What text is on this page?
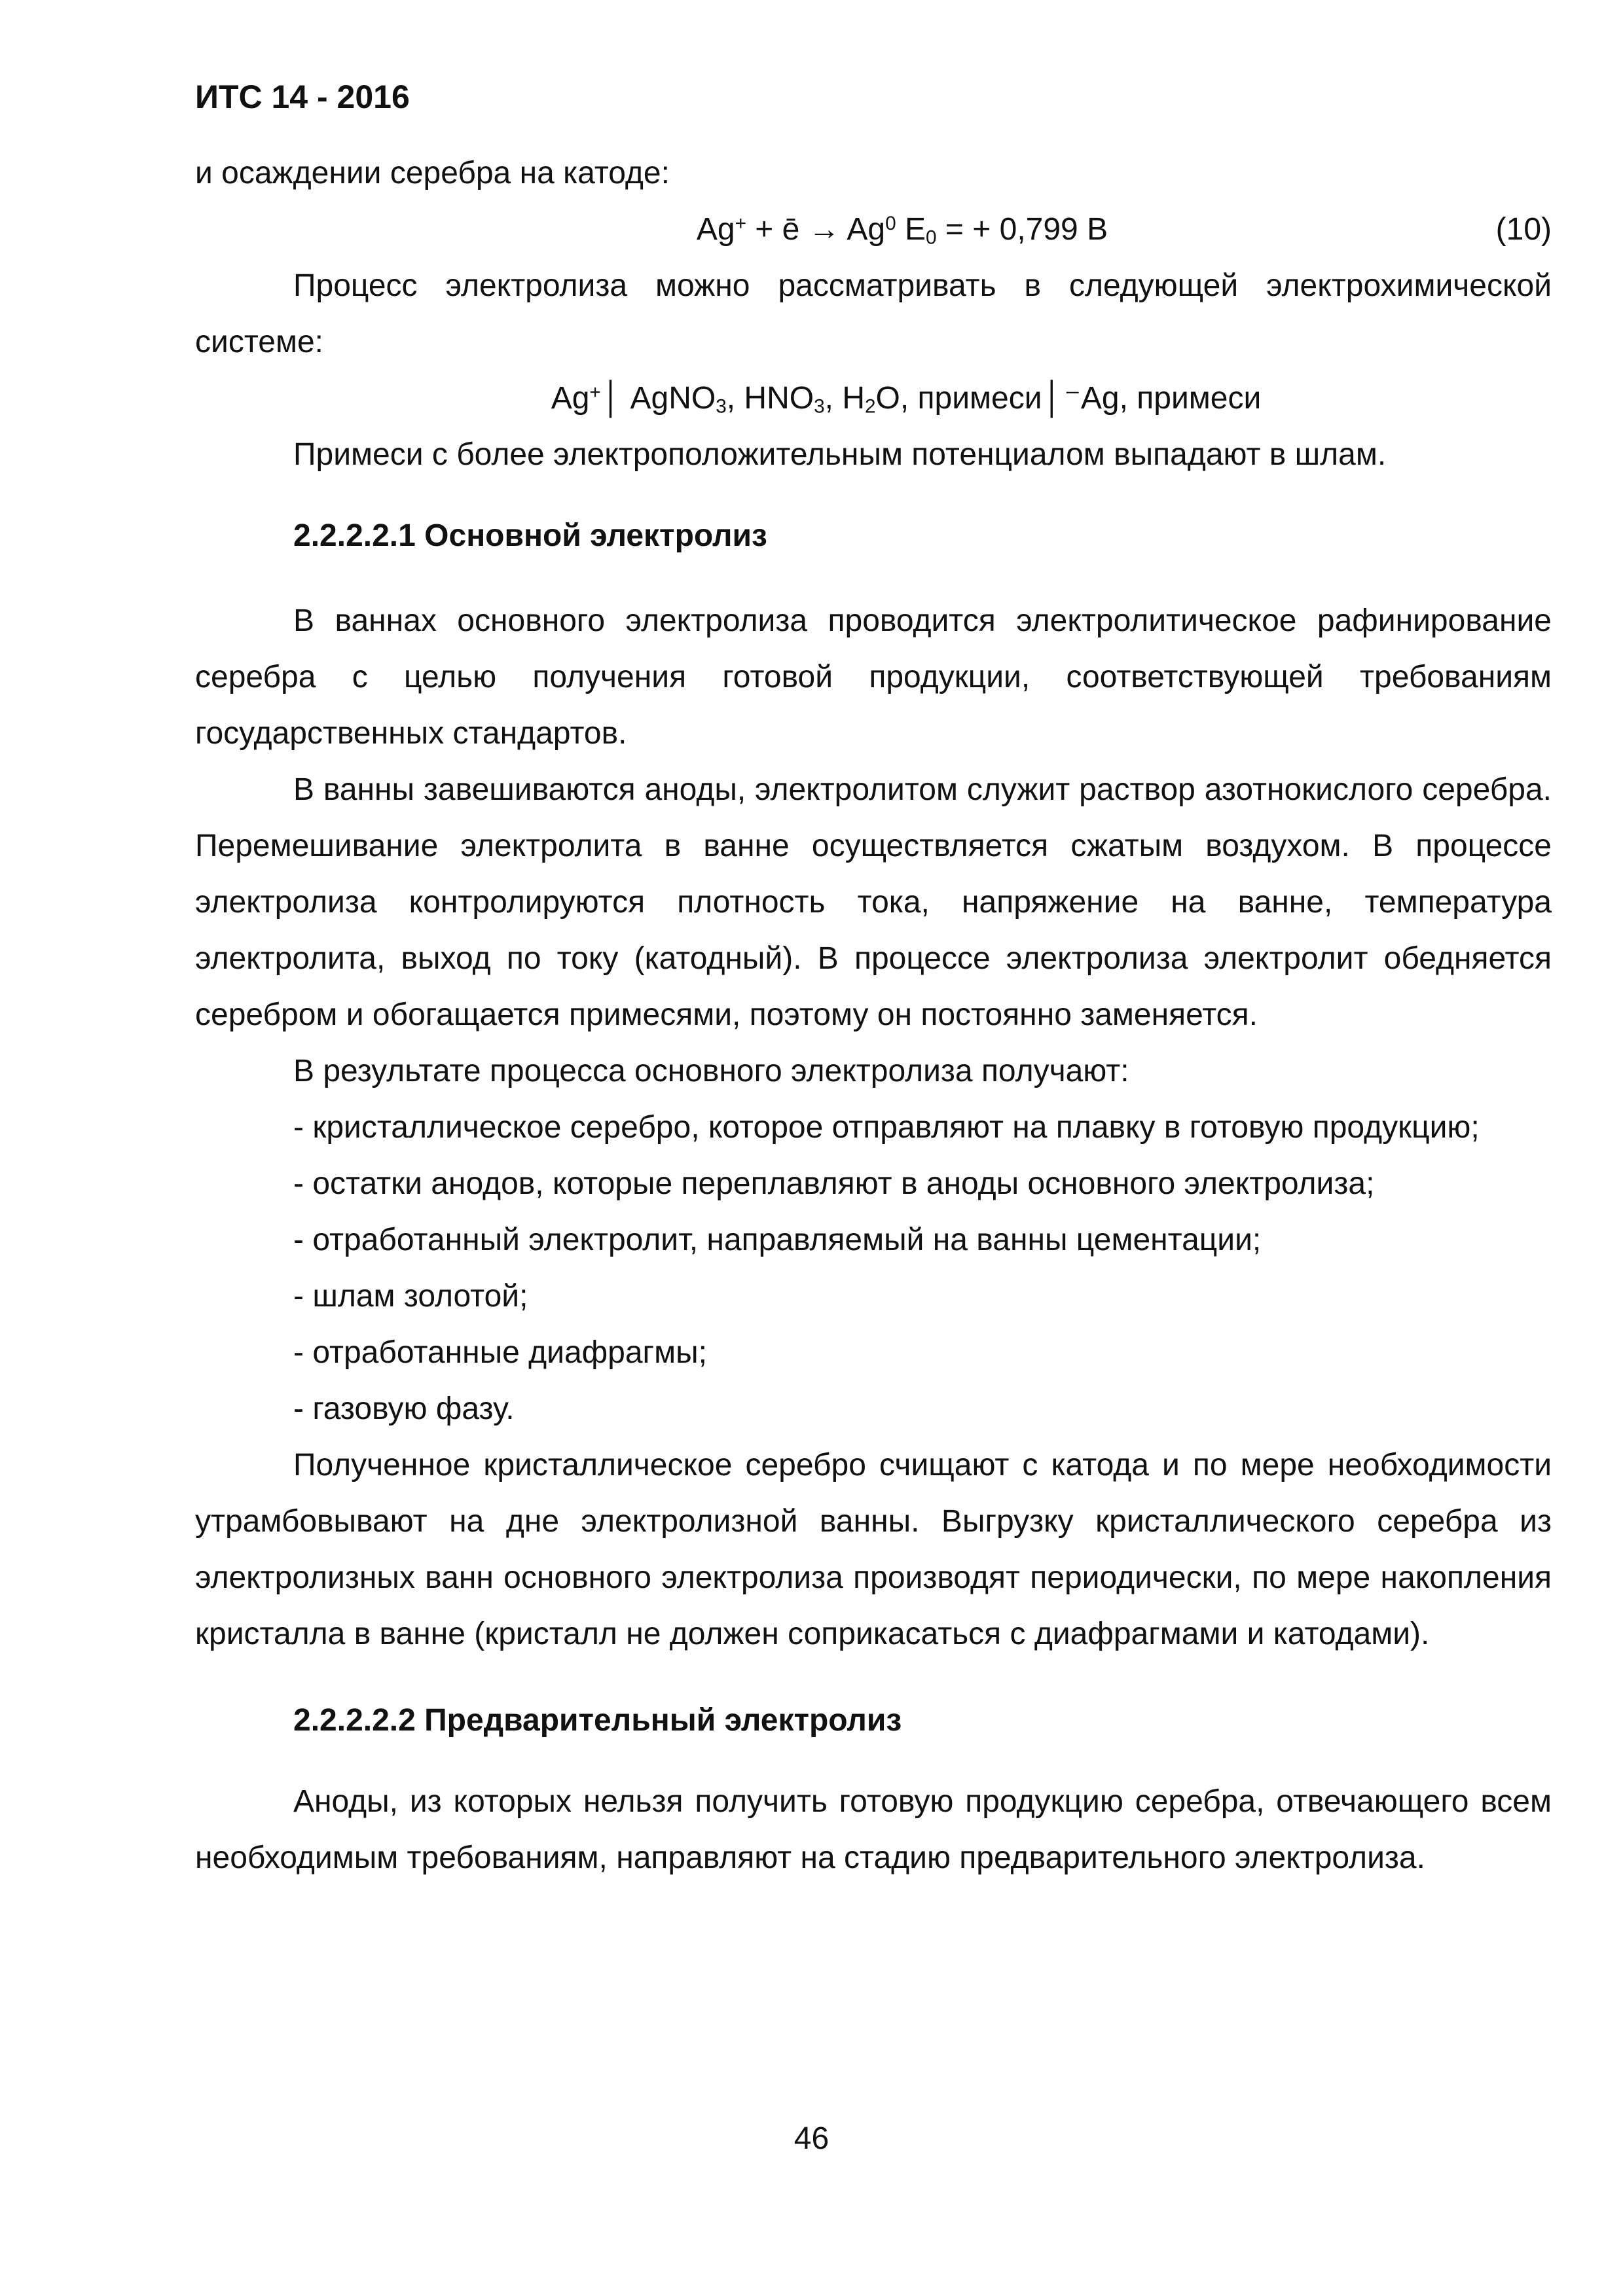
ИТС 14 - 2016
и осаждении серебра на катоде:
Ag+ + ē → $Ag^0$ $E_0$ = + 0,799 В	(10)
Процесс электролиза можно рассматривать в следующей электрохимической системе:
Ag+│ AgNO$_3$, $HNO_3$, $H_2O$, примеси│⁻Ag, примеси
Примеси с более электроположительным потенциалом выпадают в шлам.
2.2.2.2.1 Основной электролиз
В ваннах основного электролиза проводится электролитическое рафинирование серебра с целью получения готовой продукции, соответствующей требованиям государственных стандартов.
В ванны завешиваются аноды, электролитом служит раствор азотнокислого серебра. Перемешивание электролита в ванне осуществляется сжатым воздухом. В процессе электролиза контролируются плотность тока, напряжение на ванне, температура электролита, выход по току (катодный). В процессе электролиза электролит обедняется серебром и обогащается примесями, поэтому он постоянно заменяется.
В результате процесса основного электролиза получают:
- кристаллическое серебро, которое отправляют на плавку в готовую продукцию;
- остатки анодов, которые переплавляют в аноды основного электролиза;
- отработанный электролит, направляемый на ванны цементации;
- шлам золотой;
- отработанные диафрагмы;
- газовую фазу.
Полученное кристаллическое серебро счищают с катода и по мере необходимости утрамбовывают на дне электролизной ванны. Выгрузку кристаллического серебра из электролизных ванн основного электролиза производят периодически, по мере накопления кристалла в ванне (кристалл не должен соприкасаться с диафрагмами и катодами).
2.2.2.2.2 Предварительный электролиз
Аноды, из которых нельзя получить готовую продукцию серебра, отвечающего всем необходимым требованиям, направляют на стадию предварительного электролиза.
46
